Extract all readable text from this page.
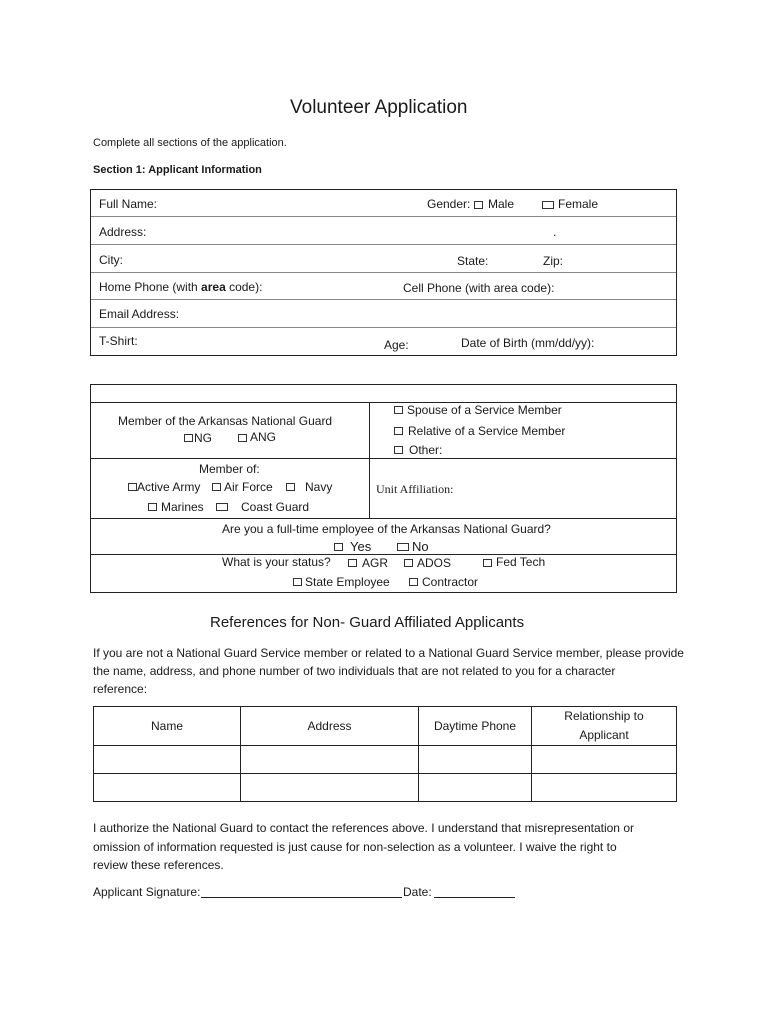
Volunteer Application
Complete all sections of the application.
Section 1: Applicant Information
Full Name:	Gender: Male	Female
Address:	.
City:	State:	Zip:
Home Phone (with area code):	Cell Phone (with area code):
Email Address:
T-Shirt:	Age:	Date of Birth (mm/dd/yy):
Member of the Arkansas National Guard
NG	ANG
Spouse of a Service Member
Relative of a Service Member
Other:
Member of:
Active Army Air Force	Navy
Marines	Coast Guard
Unit Affiliation:
Are you a full-time employee of the Arkansas National Guard?
Yes	No
What is your status?	AGR ADOS	Fed Tech
State Employee	Contractor
References for Non- Guard Affiliated Applicants
If you are not a National Guard Service member or related to a National Guard Service member, please provide
the name, address, and phone number of two individuals that are not related to you for a character
reference:
Name	Address	Daytime Phone	Relationship to
Applicant

I authorize the National Guard to contact the references above. I understand that misrepresentation or
omission of information requested is just cause for non-selection as a volunteer. I waive the right to
review these references.
Applicant Signature:	Date:
